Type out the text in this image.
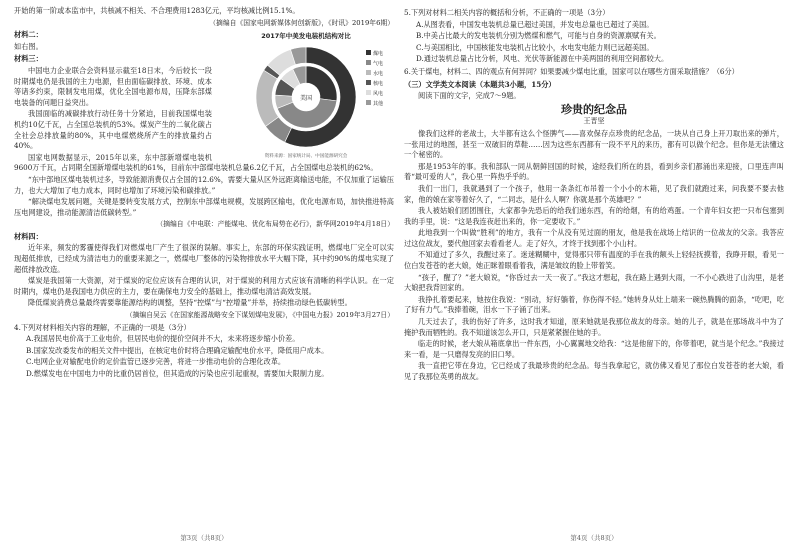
开始的第一阶或本监市中，共核减不相关、不合理费用1283亿元，平均核减比例15.1%。

（摘编自《国家电网新媒体何创新版》，《时讯》2019年6期）

2017年中美发电装机结构对比
美国
煤电
气电
水电
核电
风电
其他
资料来源：国家统计局、中国能源研究会

材料二：

如右图。

材料三：

中国电力企业联合会资料显示截至18日末，今后较长一段时期煤电仍是我国的主力电源，但由面临碳排放、环境、成本等诸多约束，限制发电用煤，优化全国电源布局，压降东部煤电装备的问题日益突出。

我国面临的减碳排放行动任务十分紧迫，目前我国煤电装机约10亿千瓦，占全国总装机的53%。煤炭产生的二氧化碳占全社会总排放量的80%，其中电煤燃烧所产生的排放量约占40%。

国家电网数据显示，2015年以来，东中部新增煤电装机9600万千瓦，占同期全国新增煤电装机的61%，目前东中部煤电装机总量6.2亿千瓦，占全国煤电总装机的62%。

“东中部地区煤电装机过多，导致能源消费仅占全国的12.6%，需要大量从区外远距离输送电能，不仅加重了运输压力，也大大增加了电力成本，同时也增加了环境污染和碳排放。”

“解决煤电发展问题，关键是要转变发展方式，控制东中部煤电规模，发展跨区输电，优化电源布局，加快推进特高压电网建设，推动能源清洁低碳转型。”

（摘编自《中电联：产能煤电、优化布局势在必行》，新华网2019年4月18日）

材料四：

近年来，频发的雾霾使得我们对燃煤电厂产生了很深的误解。事实上，东部的环保实践证明，燃煤电厂完全可以实现超低排放，已经成为清洁电力的重要来源之一，燃煤电厂整体的污染物排放水平大幅下降，其中约90%的煤电实现了超低排放改造。

煤炭是我国第一大资源，对于煤炭的定位应该有合理的认识，对于煤炭的利用方式应该有清晰的科学认识。在一定时期内，煤电仍是我国电力供应的主力，要在确保电力安全的基础上，推动煤电清洁高效发展。

降低煤炭消费总量最终需要靠能源结构的调整，坚持“控煤”与“控增量”并举，持续推动绿色低碳转型。

（摘编自吴云《在国家能源战略安全下谋划煤电发展》，《中国电力报》2019年3月27日）

4.下列对材料相关内容的理解，不正确的一项是（3分）

A.我国居民电价高于工业电价，但居民电价的提价空间并不大，未来将逐步缩小价差。

B.国家发改委发布的相关文件中提出，在核定电价时将合理确定输配电价水平，降低用户成本。

C.电网企业对输配电价的定价监管已逐步完善，将进一步推动电价的合理化改革。

D.燃煤发电在中国电力中的比重仍居首位，但其造成的污染也应引起重视，需要加大限制力度。

第3页（共8页）

5.下列对材料二相关内容的概括和分析，不正确的一项是（3分）

A.从图表看，中国发电装机总量已超过美国，并发电总量也已超过了美国。

B.中美占比最大的发电装机分别为燃煤和燃气，可能与自身的资源禀赋有关。

C.与美国相比，中国核能发电装机占比较小，水电发电能力则已远超美国。

D.通过装机总量占比分析，风电、光伏等新能源在中美两国的利用空间都较大。

6.关于煤电，材料二、四的观点有何异同？如果要减少煤电比重，国家可以在哪些方面采取措施？（6分）

（三）文学类文本阅读（本题共3小题，15分）

阅读下面的文字，完成7～9题。

珍贵的纪念品
王晋坚

像我们这样的老战士，大半都有这么个怪脾气——喜欢保存点珍贵的纪念品，一块从自己身上开刀取出来的弹片，一张用过的地图，甚至一双破旧的草鞋……因为这些东西都有一段不平凡的来历，都有可以做个纪念。但你是无法懂这一个秘密的。

那是1953年的事。我和部队一同从朝鲜回国的时候，途经我们所在的县，看到乡亲们都涌出来迎接，口里连声叫着“最可爱的人”，我心里一阵热乎乎的。

我们一出门，我就遇到了一个孩子，他用一条条红布吊着一个小小的木箱，见了我们就跑过来，问我要不要去他家，他的娘在家等着好久了，“二同志，是什么人啊？你就是那个英雄吧？”

我人被姑娘们团团围住，大家都争先恐后的给我们递东西，有的给烟，有的给鸡蛋。一个青年妇女把一只布包塞到我的手里，说：“这是我连夜赶出来的，你一定要收下。”

此地我到一个叫做“胜利”的地方，我有一个从没有见过面的朋友，他是我在战场上结识的一位战友的父亲。我答应过这位战友，要代他回家去看看老人。走了好久，才终于找到那个小山村。

不知道过了多久，我醒过来了。迷迷糊糊中，觉得那只带有温度的手在我的额头上轻轻抚摸着，我睁开眼，看见一位白发苍苍的老大娘，她正眯着眼看着我，满是皱纹的脸上带着笑。

“孩子，醒了？”老大娘说，“你昏过去一天一夜了。”我这才想起，我在路上遇到大雨，一不小心跌进了山沟里，是老大娘把我背回家的。

我挣扎着要起来，她按住我说：“别动，好好躺着，你伤得不轻。”她转身从灶上端来一碗热腾腾的面条，“吃吧，吃了好有力气。”我捧着碗，泪水一下子涌了出来。

几天过去了，我的伤好了许多，这时我才知道，原来她就是我那位战友的母亲。她的儿子，就是在那场战斗中为了掩护我而牺牲的。我不知道该怎么开口，只是紧紧握住她的手。

临走的时候，老大娘从箱底拿出一件东西，小心翼翼地交给我：“这是他留下的，你带着吧，就当是个纪念。”我接过来一看，是一只磨得发亮的旧口琴。

我一直把它带在身边，它已经成了我最珍贵的纪念品。每当我拿起它，就仿佛又看见了那位白发苍苍的老大娘，看见了我那位英勇的战友。

第4页（共8页）
